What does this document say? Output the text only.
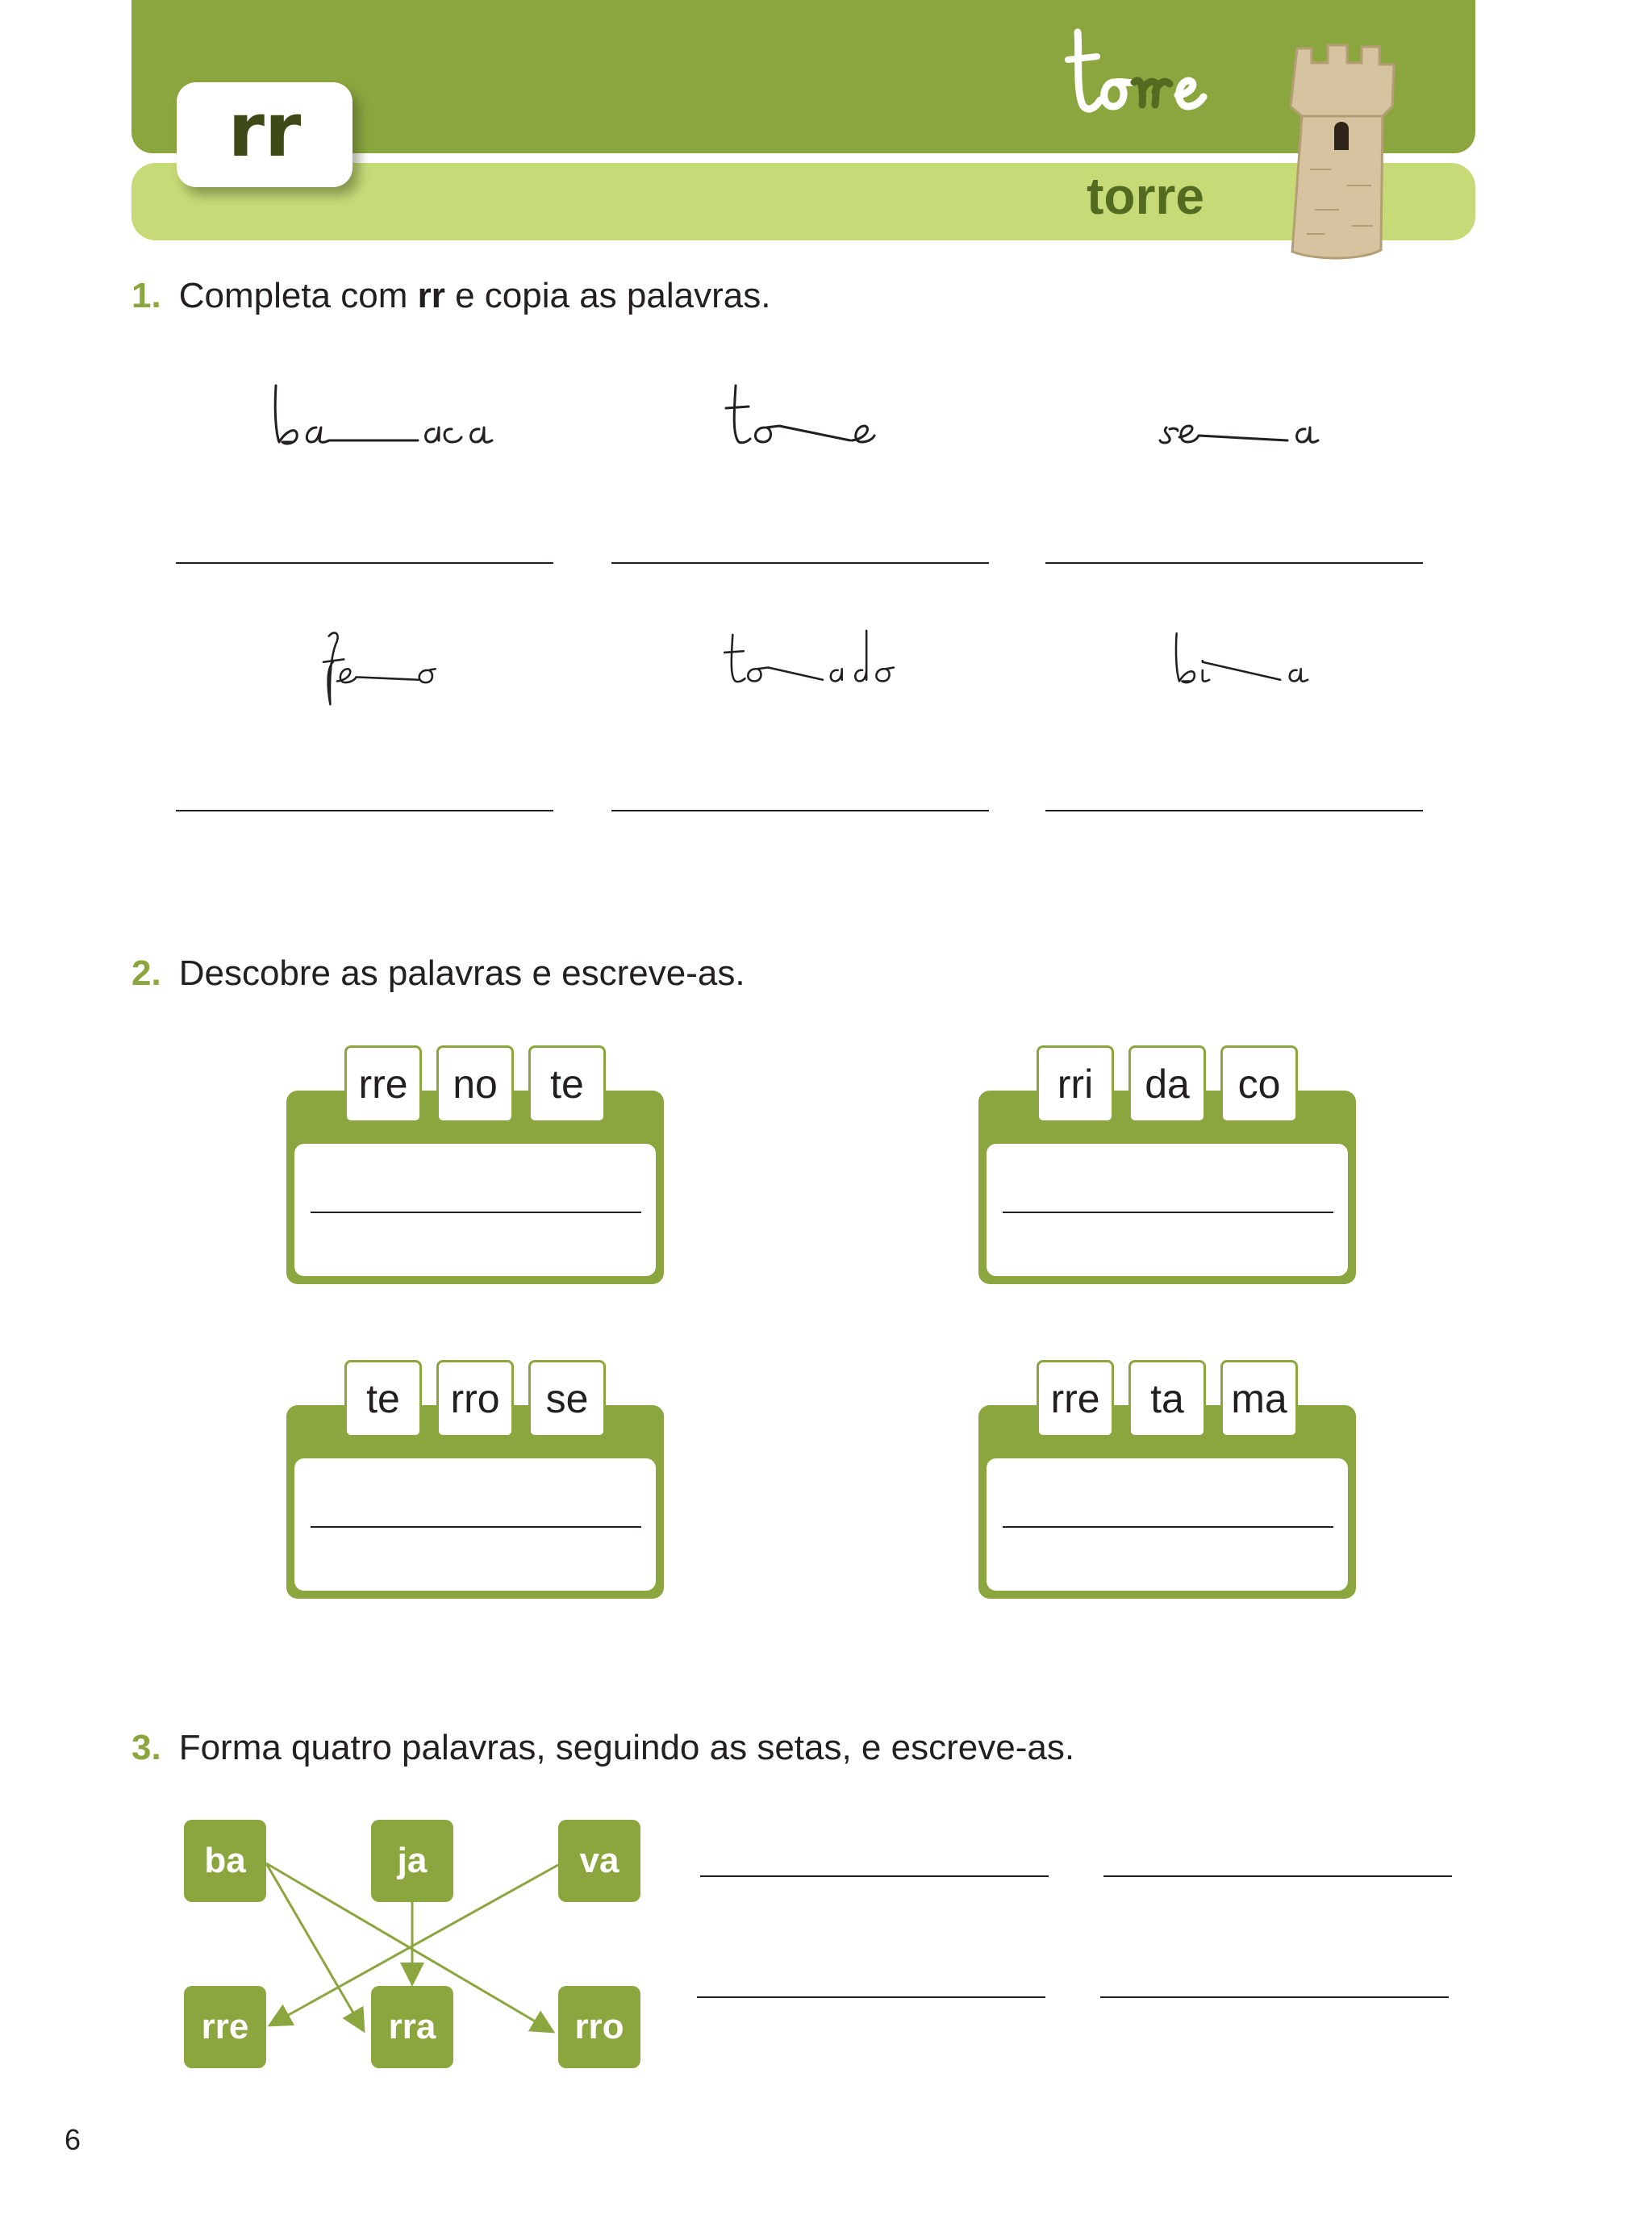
rr
torre
1. Completa com rr e copia as palavras.
2. Descobre as palavras e escreve-as.
rre	no	te	rri	da	co
te	rro	se	rre	ta	ma
3. Forma quatro palavras, seguindo as setas, e escreve-as.
ba	ja	va
rre	rra	rro
6
